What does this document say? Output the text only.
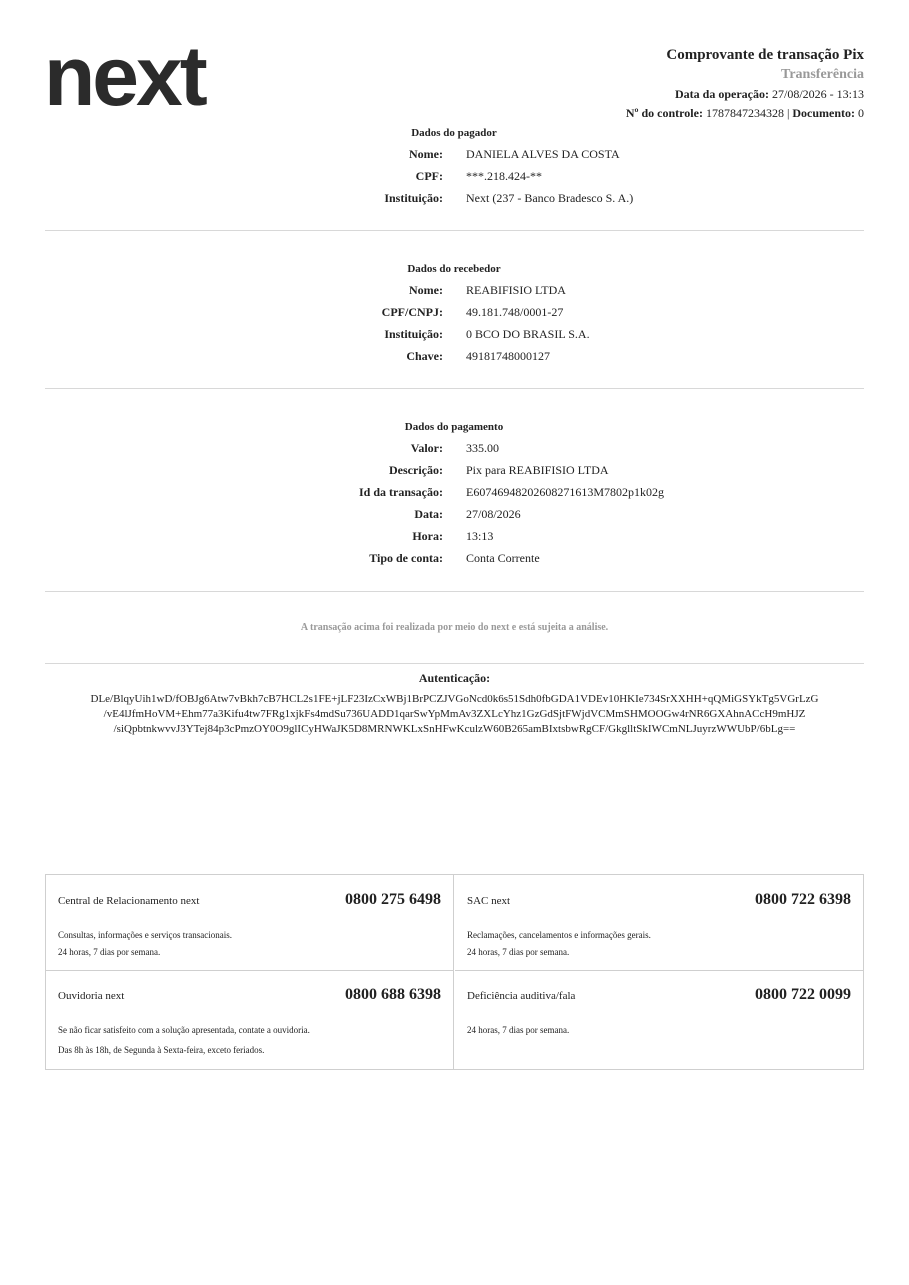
next	Comprovante de transação Pix
Transferência
Data da operação: 27/08/2026 - 13:13
Nº do controle: 1787847234328 | Documento: 0
Dados do pagador
Nome: DANIELA ALVES DA COSTA
CPF: ***.218.424-**
Instituição: Next (237 - Banco Bradesco S. A.)
Dados do recebedor
Nome: REABIFISIO LTDA
CPF/CNPJ: 49.181.748/0001-27
Instituição: 0 BCO DO BRASIL S.A.
Chave: 49181748000127
Dados do pagamento
Valor: 335.00
Descrição: Pix para REABIFISIO LTDA
Id da transação: E60746948202608271613M7802p1k02g
Data: 27/08/2026
Hora: 13:13
Tipo de conta: Conta Corrente
A transação acima foi realizada por meio do next e está sujeita a análise.
Autenticação:
DLe/BlqyUih1wD/fOBJg6Atw7vBkh7cB7HCL2s1FE+jLF23IzCxWBj1BrPCZJVGoNcd0k6s51Sdh0fbGDA1VDEv10HKIe734SrXXHH+qQMiGSYkTg5VGrLzG
/vE4lJfmHoVM+Ehm77a3Kifu4tw7FRg1xjkFs4mdSu736UADD1qarSwYpMmAv3ZXLcYhz1GzGdSjtFWjdVCMmSHMOOGw4rNR6GXAhnACcH9mHJZ
/siQpbtnkwvvJ3YTej84p3cPmzOY0O9glICyHWaJK5D8MRNWKLxSnHFwKculzW60B265amBIxtsbwRgCF/GkglltSkIWCmNLJuyrzWWUbP/6bLg==
Central de Relacionamento next	0800 275 6498
Consultas, informações e serviços transacionais.
24 horas, 7 dias por semana.
SAC next	0800 722 6398
Reclamações, cancelamentos e informações gerais.
24 horas, 7 dias por semana.
Ouvidoria next	0800 688 6398
Se não ficar satisfeito com a solução apresentada, contate a ouvidoria.
Das 8h às 18h, de Segunda à Sexta-feira, exceto feriados.
Deficiência auditiva/fala	0800 722 0099
24 horas, 7 dias por semana.
